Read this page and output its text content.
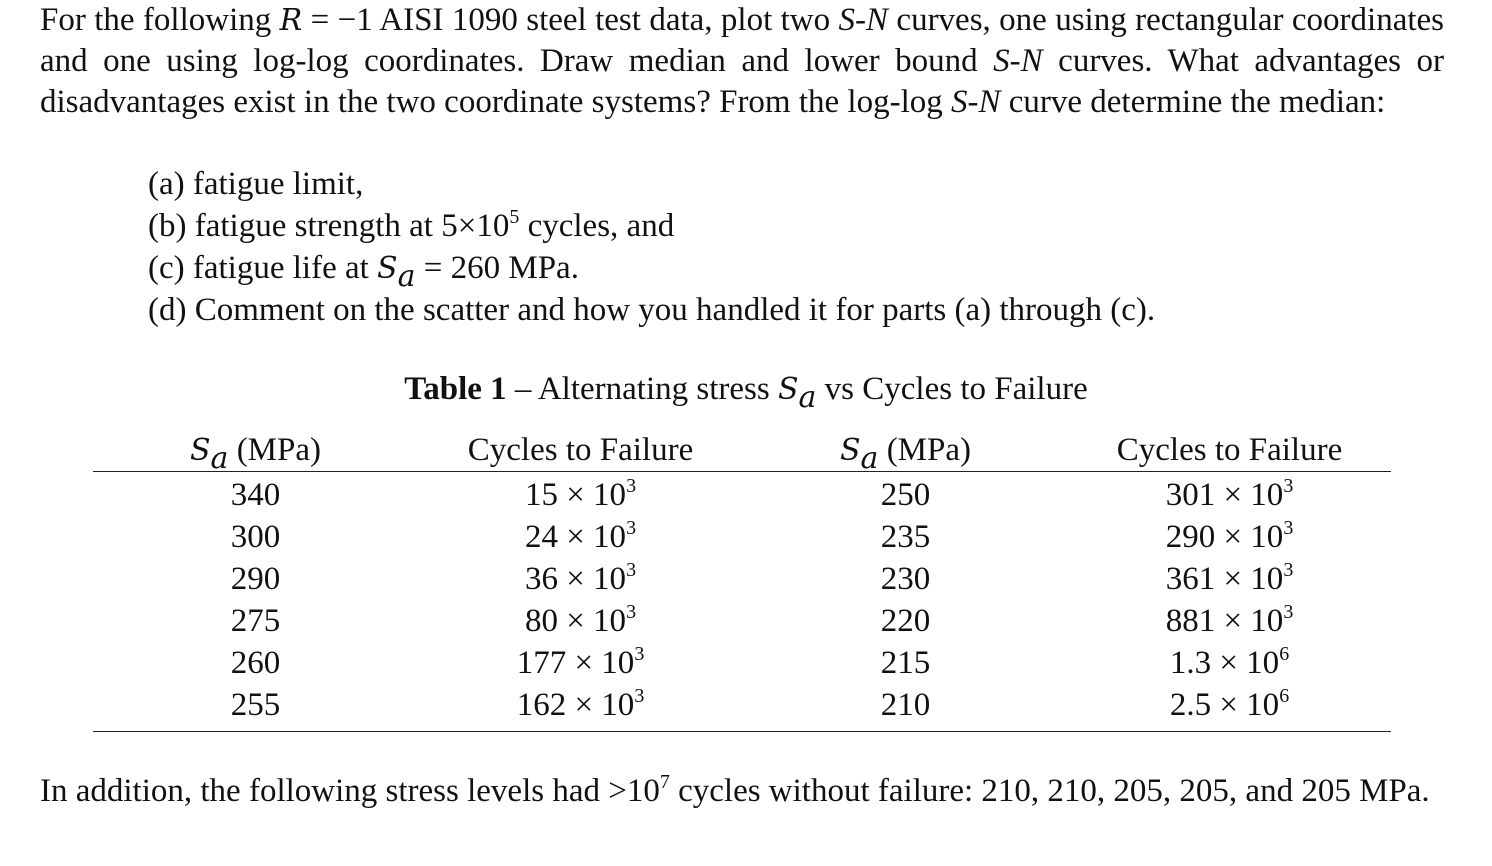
For the following R = −1 AISI 1090 steel test data, plot two S-N curves, one using rectangular coordinates and one using log-log coordinates. Draw median and lower bound S-N curves. What advantages or disadvantages exist in the two coordinate systems? From the log-log S-N curve determine the median:
(a) fatigue limit,
(b) fatigue strength at $5\times 10^5$ cycles, and
(c) fatigue life at Sa = 260 MPa.
(d) Comment on the scatter and how you handled it for parts (a) through (c).
Table 1 – Alternating stress Sa vs Cycles to Failure
Sa (MPa)	Cycles to Failure	Sa (MPa)	Cycles to Failure
340	$15 \times 10^3$	250	$301 \times 10^3$
300	$24 \times 10^3$	235	$290 \times 10^3$
290	$36 \times 10^3$	230	$361 \times 10^3$
275	$80 \times 10^3$	220	$881 \times 10^3$
260	$177 \times 10^3$	215	$1.3 \times 10^6$
255	$162 \times 10^3$	210	$2.5 \times 10^6$
In addition, the following stress levels had $>10^7$ cycles without failure: 210, 210, 205, 205, and 205 MPa.
